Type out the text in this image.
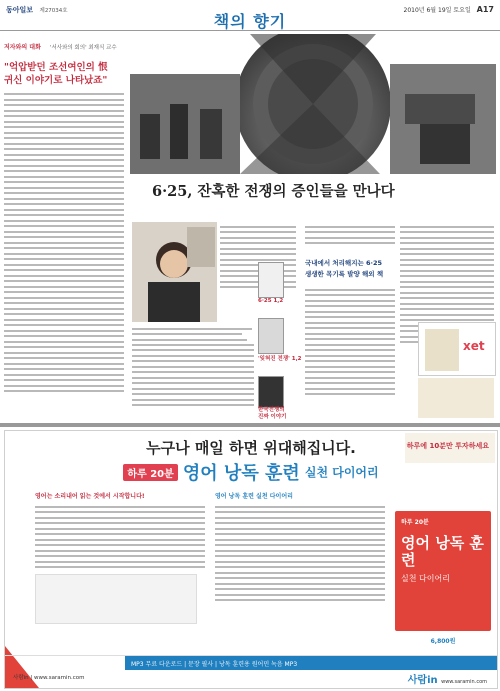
동아일보 제27034호
책의 향기
2010년 6월 19일 토요일 A17
저자와의 대화 '서사와의 회의' 최재식 교수
"억압받던 조선여인의 恨
귀신 이야기로 나타났죠"
6·25, 잔혹한 전쟁의 증인들을 만나다
6·25 1,2
'잊혀진 전쟁' 1,2
한국전쟁의
진짜 이야기
국내에서 처리해지는 6·25
생생한 목기록 발양 해외 책
xet
누구나 매일 하면 위대해집니다.
하루 20분 영어 낭독 훈련 실천 다이어리
영어는 소리내어 읽는 것에서 시작합니다!	영어 낭독 훈련 실천 다이어리
하루에 10분만 투자하세요
하루 20분
영어 낭독 훈련
실천 다이어리
6,800원
MP3 무료 다운로드 | 문장 필사 | 낭독 훈련용 원어민 녹음 MP3
사람in | www.saramin.com	사람in www.saramin.com
